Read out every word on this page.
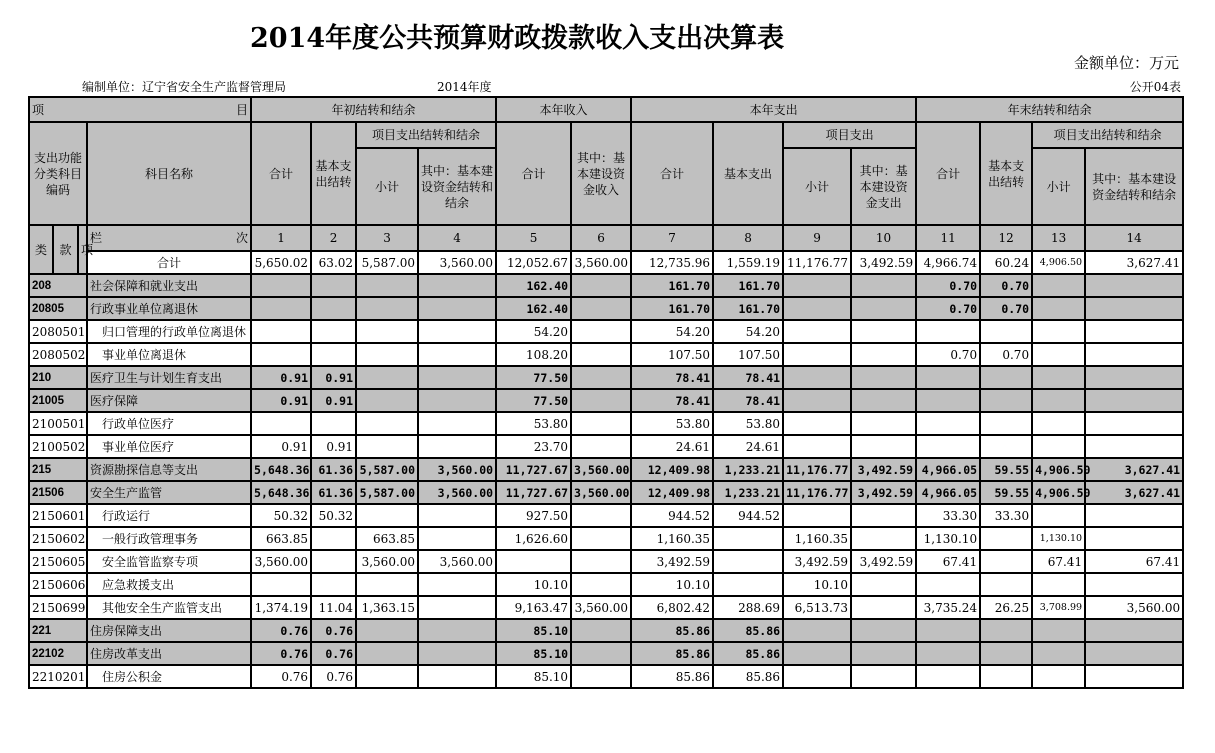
2014年度公共预算财政拨款收入支出决算表
金额单位：万元
编制单位：辽宁省安全生产监督管理局	2014年度	公开04表
项 目				年初结转和结余				本年收入		本年支出				年末结转和结余			
支出功能分类科目编码			科目名称	合计	基本支出结转	项目支出结转和结余		合计	其中：基本建设资金收入	合计	基本支出	项目支出		合计	基本支出结转	项目支出结转和结余	
						小计	其中：基本建设资金结转和结余					小计	其中：基本建设资金支出			小计	其中：基本建设资金结转和结余
类	款	项	栏 次	1	2	3	4	5	6	7	8	9	10	11	12	13	14
			合计	5,650.02	63.02	5,587.00	3,560.00	12,052.67	3,560.00	12,735.96	1,559.19	11,176.77	3,492.59	4,966.74	60.24	4,906.50	3,627.41
208			社会保障和就业支出					162.40		161.70	161.70			0.70	0.70		
20805			行政事业单位离退休					162.40		161.70	161.70			0.70	0.70		
2080501			归口管理的行政单位离退休					54.20		54.20	54.20						
2080502			事业单位离退休					108.20		107.50	107.50			0.70	0.70		
210			医疗卫生与计划生育支出	0.91	0.91			77.50		78.41	78.41						
21005			医疗保障	0.91	0.91			77.50		78.41	78.41						
2100501			行政单位医疗					53.80		53.80	53.80						
2100502			事业单位医疗	0.91	0.91			23.70		24.61	24.61						
215			资源勘探信息等支出	5,648.36	61.36	5,587.00	3,560.00	11,727.67	3,560.00	12,409.98	1,233.21	11,176.77	3,492.59	4,966.05	59.55	4,906.50	3,627.41
21506			安全生产监管	5,648.36	61.36	5,587.00	3,560.00	11,727.67	3,560.00	12,409.98	1,233.21	11,176.77	3,492.59	4,966.05	59.55	4,906.50	3,627.41
2150601			行政运行	50.32	50.32			927.50		944.52	944.52			33.30	33.30		
2150602			一般行政管理事务	663.85		663.85		1,626.60		1,160.35		1,160.35		1,130.10		1,130.10	
2150605			安全监管监察专项	3,560.00		3,560.00	3,560.00			3,492.59		3,492.59	3,492.59	67.41		67.41	67.41
2150606			应急救援支出					10.10		10.10		10.10					
2150699			其他安全生产监管支出	1,374.19	11.04	1,363.15		9,163.47	3,560.00	6,802.42	288.69	6,513.73		3,735.24	26.25	3,708.99	3,560.00
221			住房保障支出	0.76	0.76			85.10		85.86	85.86						
22102			住房改革支出	0.76	0.76			85.10		85.86	85.86						
2210201			住房公积金	0.76	0.76			85.10		85.86	85.86						
